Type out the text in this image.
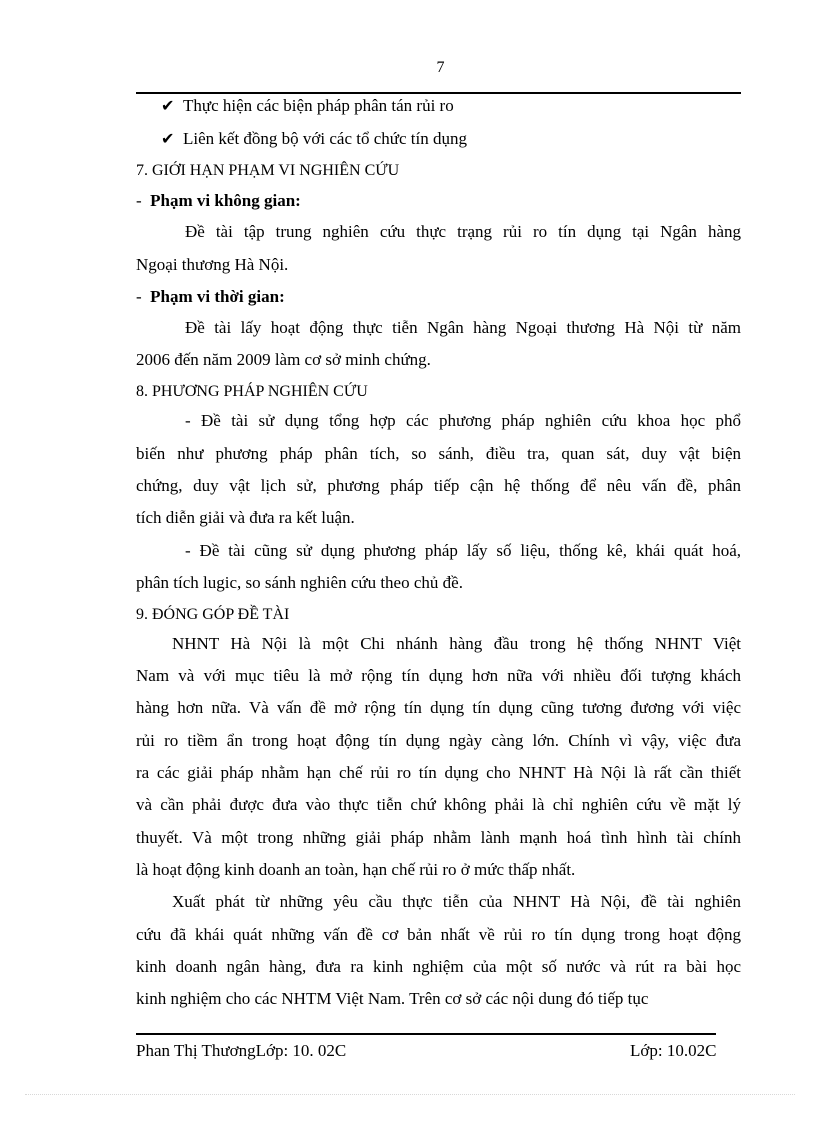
7
✔ Thực hiện các biện pháp phân tán rủi ro
✔ Liên kết đồng bộ với các tổ chức tín dụng
7. GIỚI HẠN PHẠM VI NGHIÊN CỨU
-  Phạm vi không gian:
Đề tài tập trung nghiên cứu thực trạng rủi ro tín dụng tại Ngân hàng
Ngoại thương Hà Nội.
-  Phạm vi thời gian:
Đề tài lấy hoạt động thực tiễn Ngân hàng Ngoại thương Hà Nội từ năm
2006 đến năm 2009 làm cơ sở minh chứng.
8. PHƯƠNG PHÁP NGHIÊN CỨU
- Đề tài sử dụng tổng hợp các phương pháp nghiên cứu khoa học phổ
biến như phương pháp phân tích, so sánh, điều tra, quan sát, duy vật biện
chứng, duy vật lịch sử, phương pháp tiếp cận hệ thống để nêu vấn đề, phân
tích diễn giải và đưa ra kết luận.
- Đề tài cũng sử dụng phương pháp lấy số liệu, thống kê, khái quát hoá,
phân tích lugic, so sánh nghiên cứu theo chủ đề.
9. ĐÓNG GÓP ĐỀ TÀI
NHNT Hà Nội là một Chi nhánh hàng đầu trong hệ thống NHNT Việt
Nam và với mục tiêu là mở rộng tín dụng hơn nữa với nhiều đối tượng khách
hàng hơn nữa. Và vấn đề mở rộng tín dụng tín dụng cũng tương đương với việc
rủi ro tiềm ẩn trong hoạt động tín dụng ngày càng lớn. Chính vì vậy, việc đưa
ra các giải pháp nhằm hạn chế rủi ro tín dụng cho NHNT Hà Nội là rất cần thiết
và cần phải được đưa vào thực tiễn chứ không phải là chỉ nghiên cứu về mặt lý
thuyết. Và một trong những giải pháp nhằm lành mạnh hoá tình hình tài chính
là hoạt động kinh doanh an toàn, hạn chế rủi ro ở mức thấp nhất.
Xuất phát từ những yêu cầu thực tiễn của NHNT Hà Nội, đề tài nghiên
cứu đã khái quát những vấn đề cơ bản nhất về rủi ro tín dụng trong hoạt động
kinh doanh ngân hàng, đưa ra kinh nghiệm của một số nước và rút ra bài học
kinh nghiệm cho các NHTM Việt Nam. Trên cơ sở các nội dung đó tiếp tục
Phan Thị ThươngLớp: 10. 02C	Lớp: 10.02C
